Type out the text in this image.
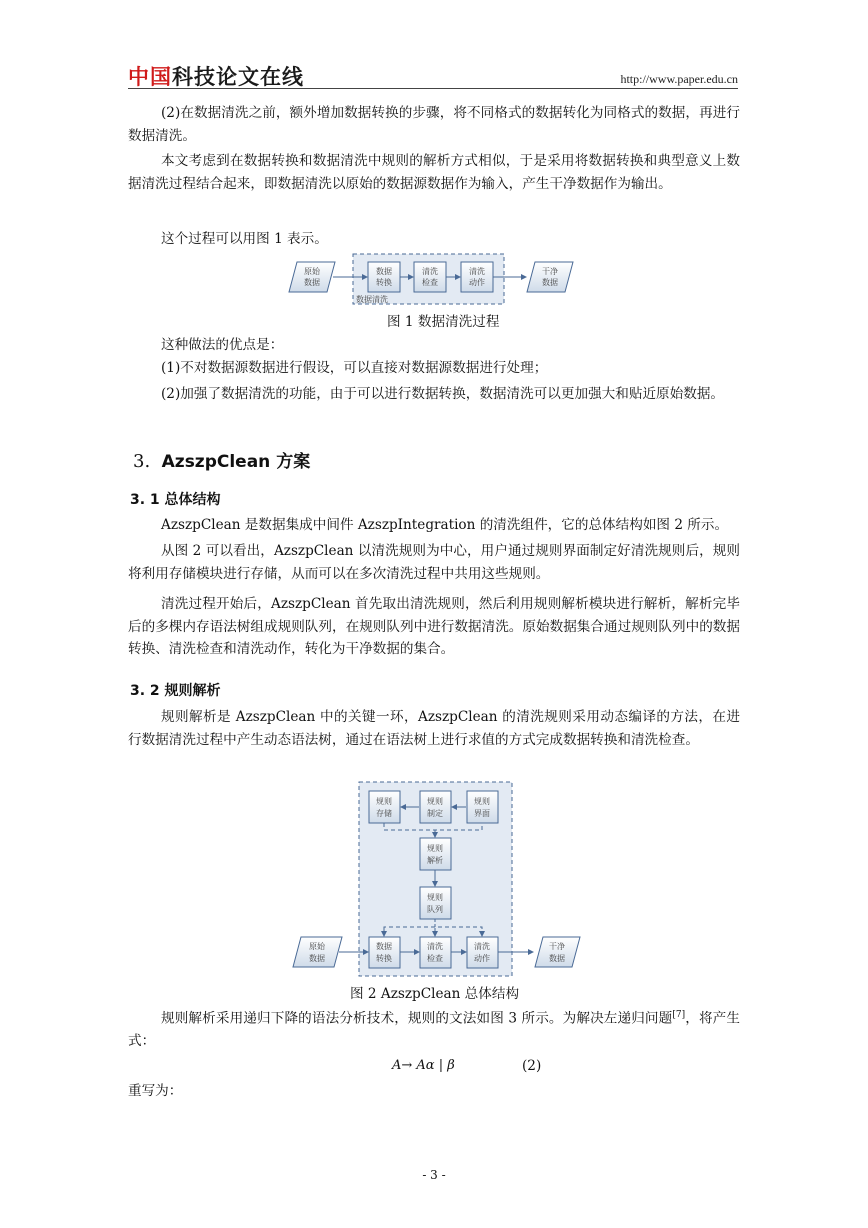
中国科技论文在线	http://www.paper.edu.cn

(2)在数据清洗之前，额外增加数据转换的步骤，将不同格式的数据转化为同格式的数据，再进行数据清洗。

本文考虑到在数据转换和数据清洗中规则的解析方式相似，于是采用将数据转换和典型意义上数据清洗过程结合起来，即数据清洗以原始的数据源数据作为输入，产生干净数据作为输出。

这个过程可以用图 1 表示。

原始
数据
数据
转换
清洗
检查
清洗
动作
干净
数据
数据清洗
图 1 数据清洗过程

这种做法的优点是：

(1)不对数据源数据进行假设，可以直接对数据源数据进行处理；

(2)加强了数据清洗的功能，由于可以进行数据转换，数据清洗可以更加强大和贴近原始数据。

3. AzszpClean 方案
3. 1 总体结构

AzszpClean 是数据集成中间件 AzszpIntegration 的清洗组件，它的总体结构如图 2 所示。

从图 2 可以看出，AzszpClean 以清洗规则为中心，用户通过规则界面制定好清洗规则后，规则将利用存储模块进行存储，从而可以在多次清洗过程中共用这些规则。

清洗过程开始后，AzszpClean 首先取出清洗规则，然后利用规则解析模块进行解析，解析完毕后的多棵内存语法树组成规则队列，在规则队列中进行数据清洗。原始数据集合通过规则队列中的数据转换、清洗检查和清洗动作，转化为干净数据的集合。

3. 2 规则解析

规则解析是 AzszpClean 中的关键一环，AzszpClean 的清洗规则采用动态编译的方法，在进行数据清洗过程中产生动态语法树，通过在语法树上进行求值的方式完成数据转换和清洗检查。

规则
存储
规则
制定
规则
界面
规则
解析
规则
队列
原始
数据
数据
转换
清洗
检查
清洗
动作
干净
数据
图 2 AzszpClean 总体结构

规则解析采用递归下降的语法分析技术，规则的文法如图 3 所示。为解决左递归问题[7]，将产生式：

A→ Aα | β	(2)

重写为：

- 3 -
